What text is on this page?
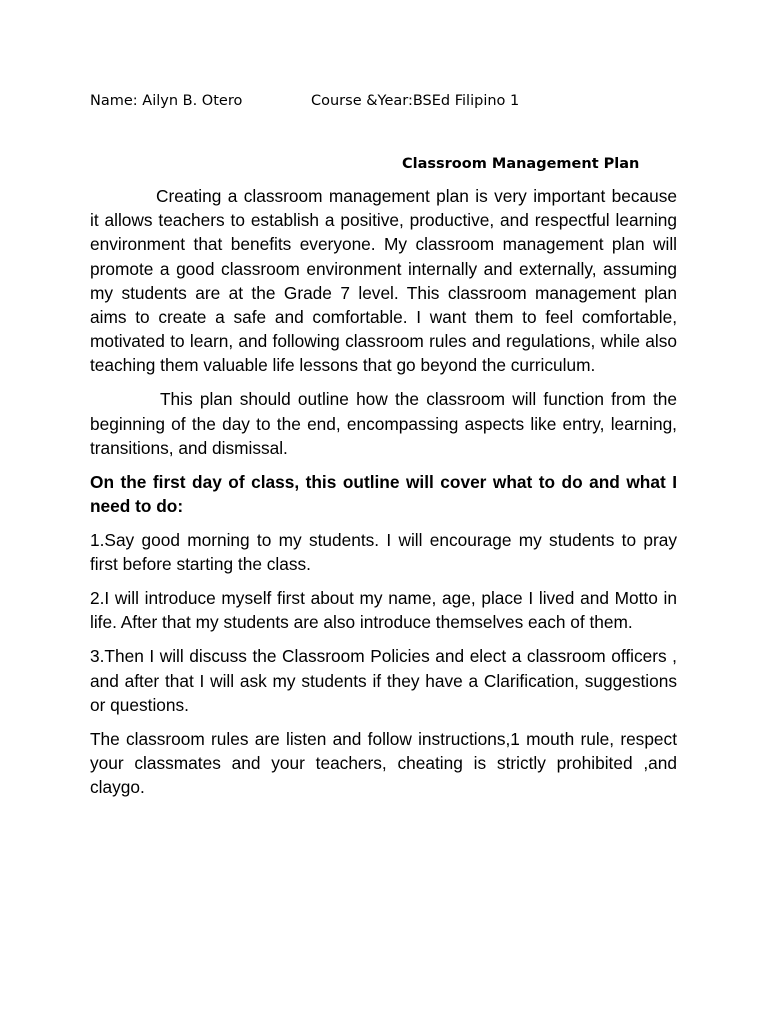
Name: Ailyn B. Otero	Course &Year:BSEd Filipino 1
Classroom Management Plan

Creating a classroom management plan is very important because it allows teachers to establish a positive, productive, and respectful learning environment that benefits everyone. My classroom management plan will promote a good classroom environment internally and externally, assuming my students are at the Grade 7 level. This classroom management plan aims to create a safe and comfortable. I want them to feel comfortable, motivated to learn, and following classroom rules and regulations, while also teaching them valuable life lessons that go beyond the curriculum.

This plan should outline how the classroom will function from the beginning of the day to the end, encompassing aspects like entry, learning, transitions, and dismissal.

On the first day of class, this outline will cover what to do and what I need to do:

1.Say good morning to my students. I will encourage my students to pray first before starting the class.

2.I will introduce myself first about my name, age, place I lived and Motto in life. After that my students are also introduce themselves each of them.

3.Then I will discuss the Classroom Policies and elect a classroom officers , and after that I will ask my students if they have a Clarification, suggestions or questions.

The classroom rules are listen and follow instructions,1 mouth rule, respect your classmates and your teachers, cheating is strictly prohibited ,and claygo.
